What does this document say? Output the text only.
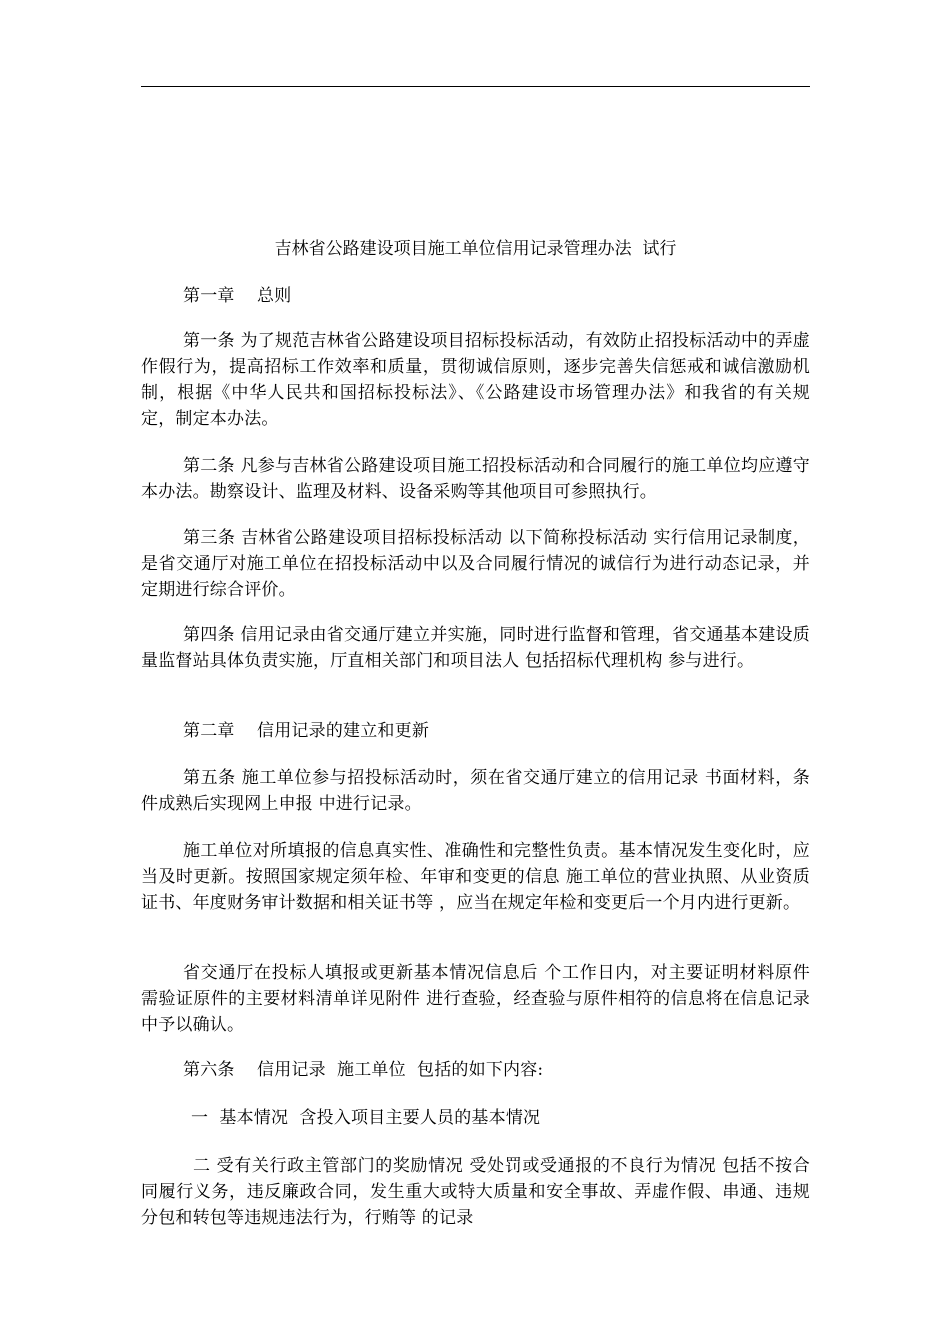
吉林省公路建设项目施工单位信用记录管理办法  试行
第一章    总则
第一条 为了规范吉林省公路建设项目招标投标活动，有效防止招投标活动中的弄虚作假行为，提高招标工作效率和质量，贯彻诚信原则，逐步完善失信惩戒和诚信激励机制，根据《中华人民共和国招标投标法》、《公路建设市场管理办法》和我省的有关规定，制定本办法。
第二条 凡参与吉林省公路建设项目施工招投标活动和合同履行的施工单位均应遵守本办法。勘察设计、监理及材料、设备采购等其他项目可参照执行。
第三条 吉林省公路建设项目招标投标活动 以下简称投标活动 实行信用记录制度，是省交通厅对施工单位在招投标活动中以及合同履行情况的诚信行为进行动态记录，并定期进行综合评价。
第四条 信用记录由省交通厅建立并实施，同时进行监督和管理，省交通基本建设质量监督站具体负责实施，厅直相关部门和项目法人 包括招标代理机构 参与进行。
第二章    信用记录的建立和更新
第五条 施工单位参与招投标活动时，须在省交通厅建立的信用记录 书面材料，条件成熟后实现网上申报 中进行记录。
施工单位对所填报的信息真实性、准确性和完整性负责。基本情况发生变化时，应当及时更新。按照国家规定须年检、年审和变更的信息 施工单位的营业执照、从业资质证书、年度财务审计数据和相关证书等 ，应当在规定年检和变更后一个月内进行更新。
省交通厅在投标人填报或更新基本情况信息后 个工作日内，对主要证明材料原件 需验证原件的主要材料清单详见附件 进行查验，经查验与原件相符的信息将在信息记录中予以确认。
第六条    信用记录  施工单位  包括的如下内容:
一  基本情况  含投入项目主要人员的基本情况
二 受有关行政主管部门的奖励情况 受处罚或受通报的不良行为情况 包括不按合同履行义务，违反廉政合同，发生重大或特大质量和安全事故、弄虚作假、串通、违规分包和转包等违规违法行为，行贿等 的记录
